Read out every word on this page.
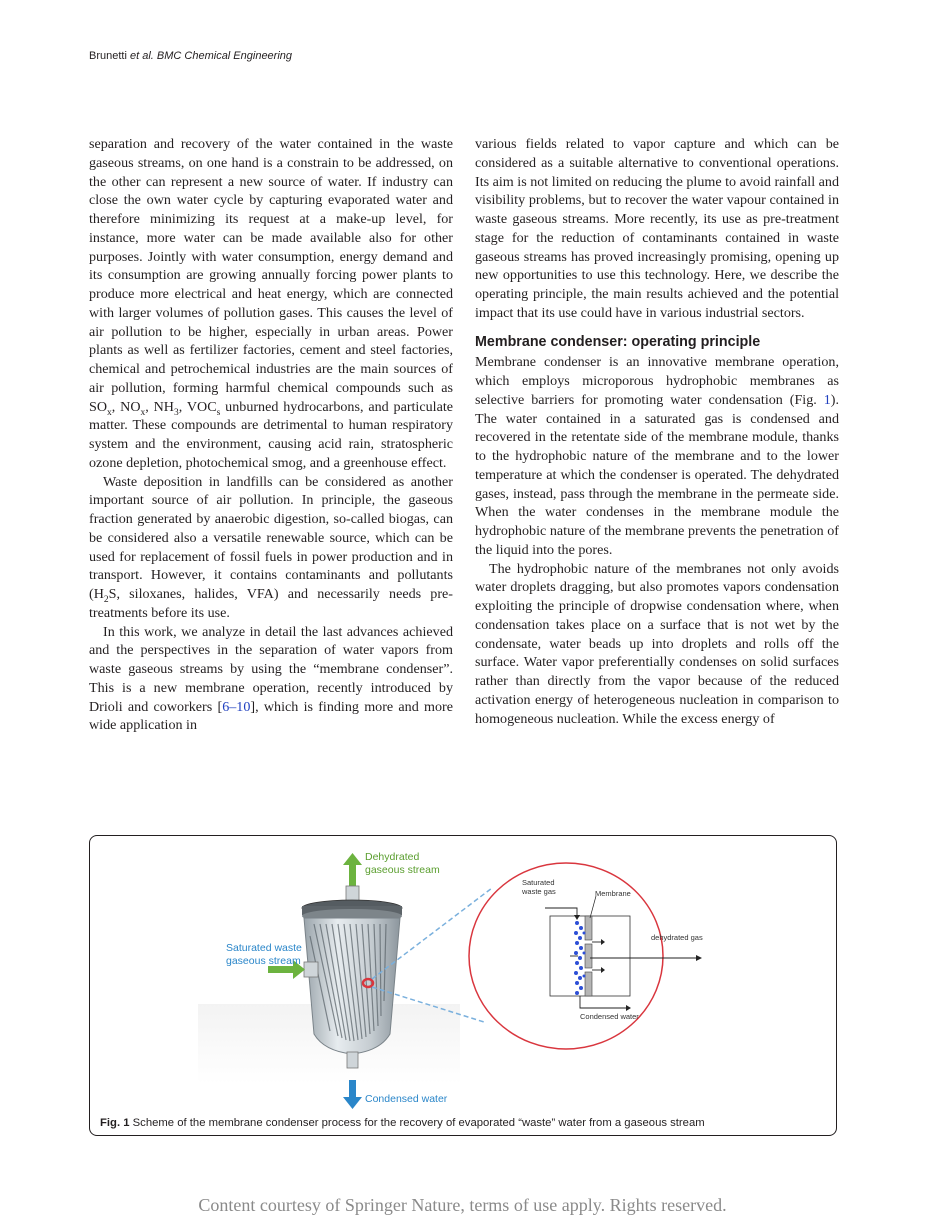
Brunetti et al. BMC Chemical Engineering

separation and recovery of the water contained in the waste gaseous streams, on one hand is a constrain to be addressed, on the other can represent a new source of water. If industry can close the own water cycle by capturing evaporated water and therefore minimizing its request at a make-up level, for instance, more water can be made available also for other purposes. Jointly with water consumption, energy demand and its consumption are growing annually forcing power plants to produce more electrical and heat energy, which are connected with larger volumes of pollution gases. This causes the level of air pollution to be higher, especially in urban areas. Power plants as well as fertilizer factories, cement and steel factories, chemical and petrochemical industries are the main sources of air pollution, forming harmful chemical compounds such as $SO_x$, $NO_x$, $NH_3$, $VOC_s$ unburned hydrocarbons, and particulate matter. These compounds are detrimental to human respiratory system and the environment, causing acid rain, stratospheric ozone depletion, photochemical smog, and a greenhouse effect.

Waste deposition in landfills can be considered as another important source of air pollution. In principle, the gaseous fraction generated by anaerobic digestion, so-called biogas, can be considered also a versatile renewable source, which can be used for replacement of fossil fuels in power production and in transport. However, it contains contaminants and pollutants ($H_2S$, siloxanes, halides, VFA) and necessarily needs pre-treatments before its use.

In this work, we analyze in detail the last advances achieved and the perspectives in the separation of water vapors from waste gaseous streams by using the “membrane condenser”. This is a new membrane operation, recently introduced by Drioli and coworkers [6–10], which is finding more and more wide application in

various fields related to vapor capture and which can be considered as a suitable alternative to conventional operations. Its aim is not limited on reducing the plume to avoid rainfall and visibility problems, but to recover the water vapour contained in waste gaseous streams. More recently, its use as pre-treatment stage for the reduction of contaminants contained in waste gaseous streams has proved increasingly promising, opening up new opportunities to use this technology. Here, we describe the operating principle, the main results achieved and the potential impact that its use could have in various industrial sectors.

Membrane condenser: operating principle

Membrane condenser is an innovative membrane operation, which employs microporous hydrophobic membranes as selective barriers for promoting water condensation (Fig. 1). The water contained in a saturated gas is condensed and recovered in the retentate side of the membrane module, thanks to the hydrophobic nature of the membrane and to the lower temperature at which the condenser is operated. The dehydrated gases, instead, pass through the membrane in the permeate side. When the water condenses in the membrane module the hydrophobic nature of the membrane prevents the penetration of the liquid into the pores.

The hydrophobic nature of the membranes not only avoids water droplets dragging, but also promotes vapors condensation exploiting the principle of dropwise condensation where, when condensation takes place on a surface that is not wet by the condensate, water beads up into droplets and rolls off the surface. Water vapor preferentially condenses on solid surfaces rather than directly from the vapor because of the reduced activation energy of heterogeneous nucleation in comparison to homogeneous nucleation. While the excess energy of

Dehydrated
gaseous stream
Saturated waste
gaseous stream
Condensed water
Saturated
waste gas	Membrane
dehydrated gas
Condensed water
Fig. 1 Scheme of the membrane condenser process for the recovery of evaporated “waste” water from a gaseous stream
Content courtesy of Springer Nature, terms of use apply. Rights reserved.
